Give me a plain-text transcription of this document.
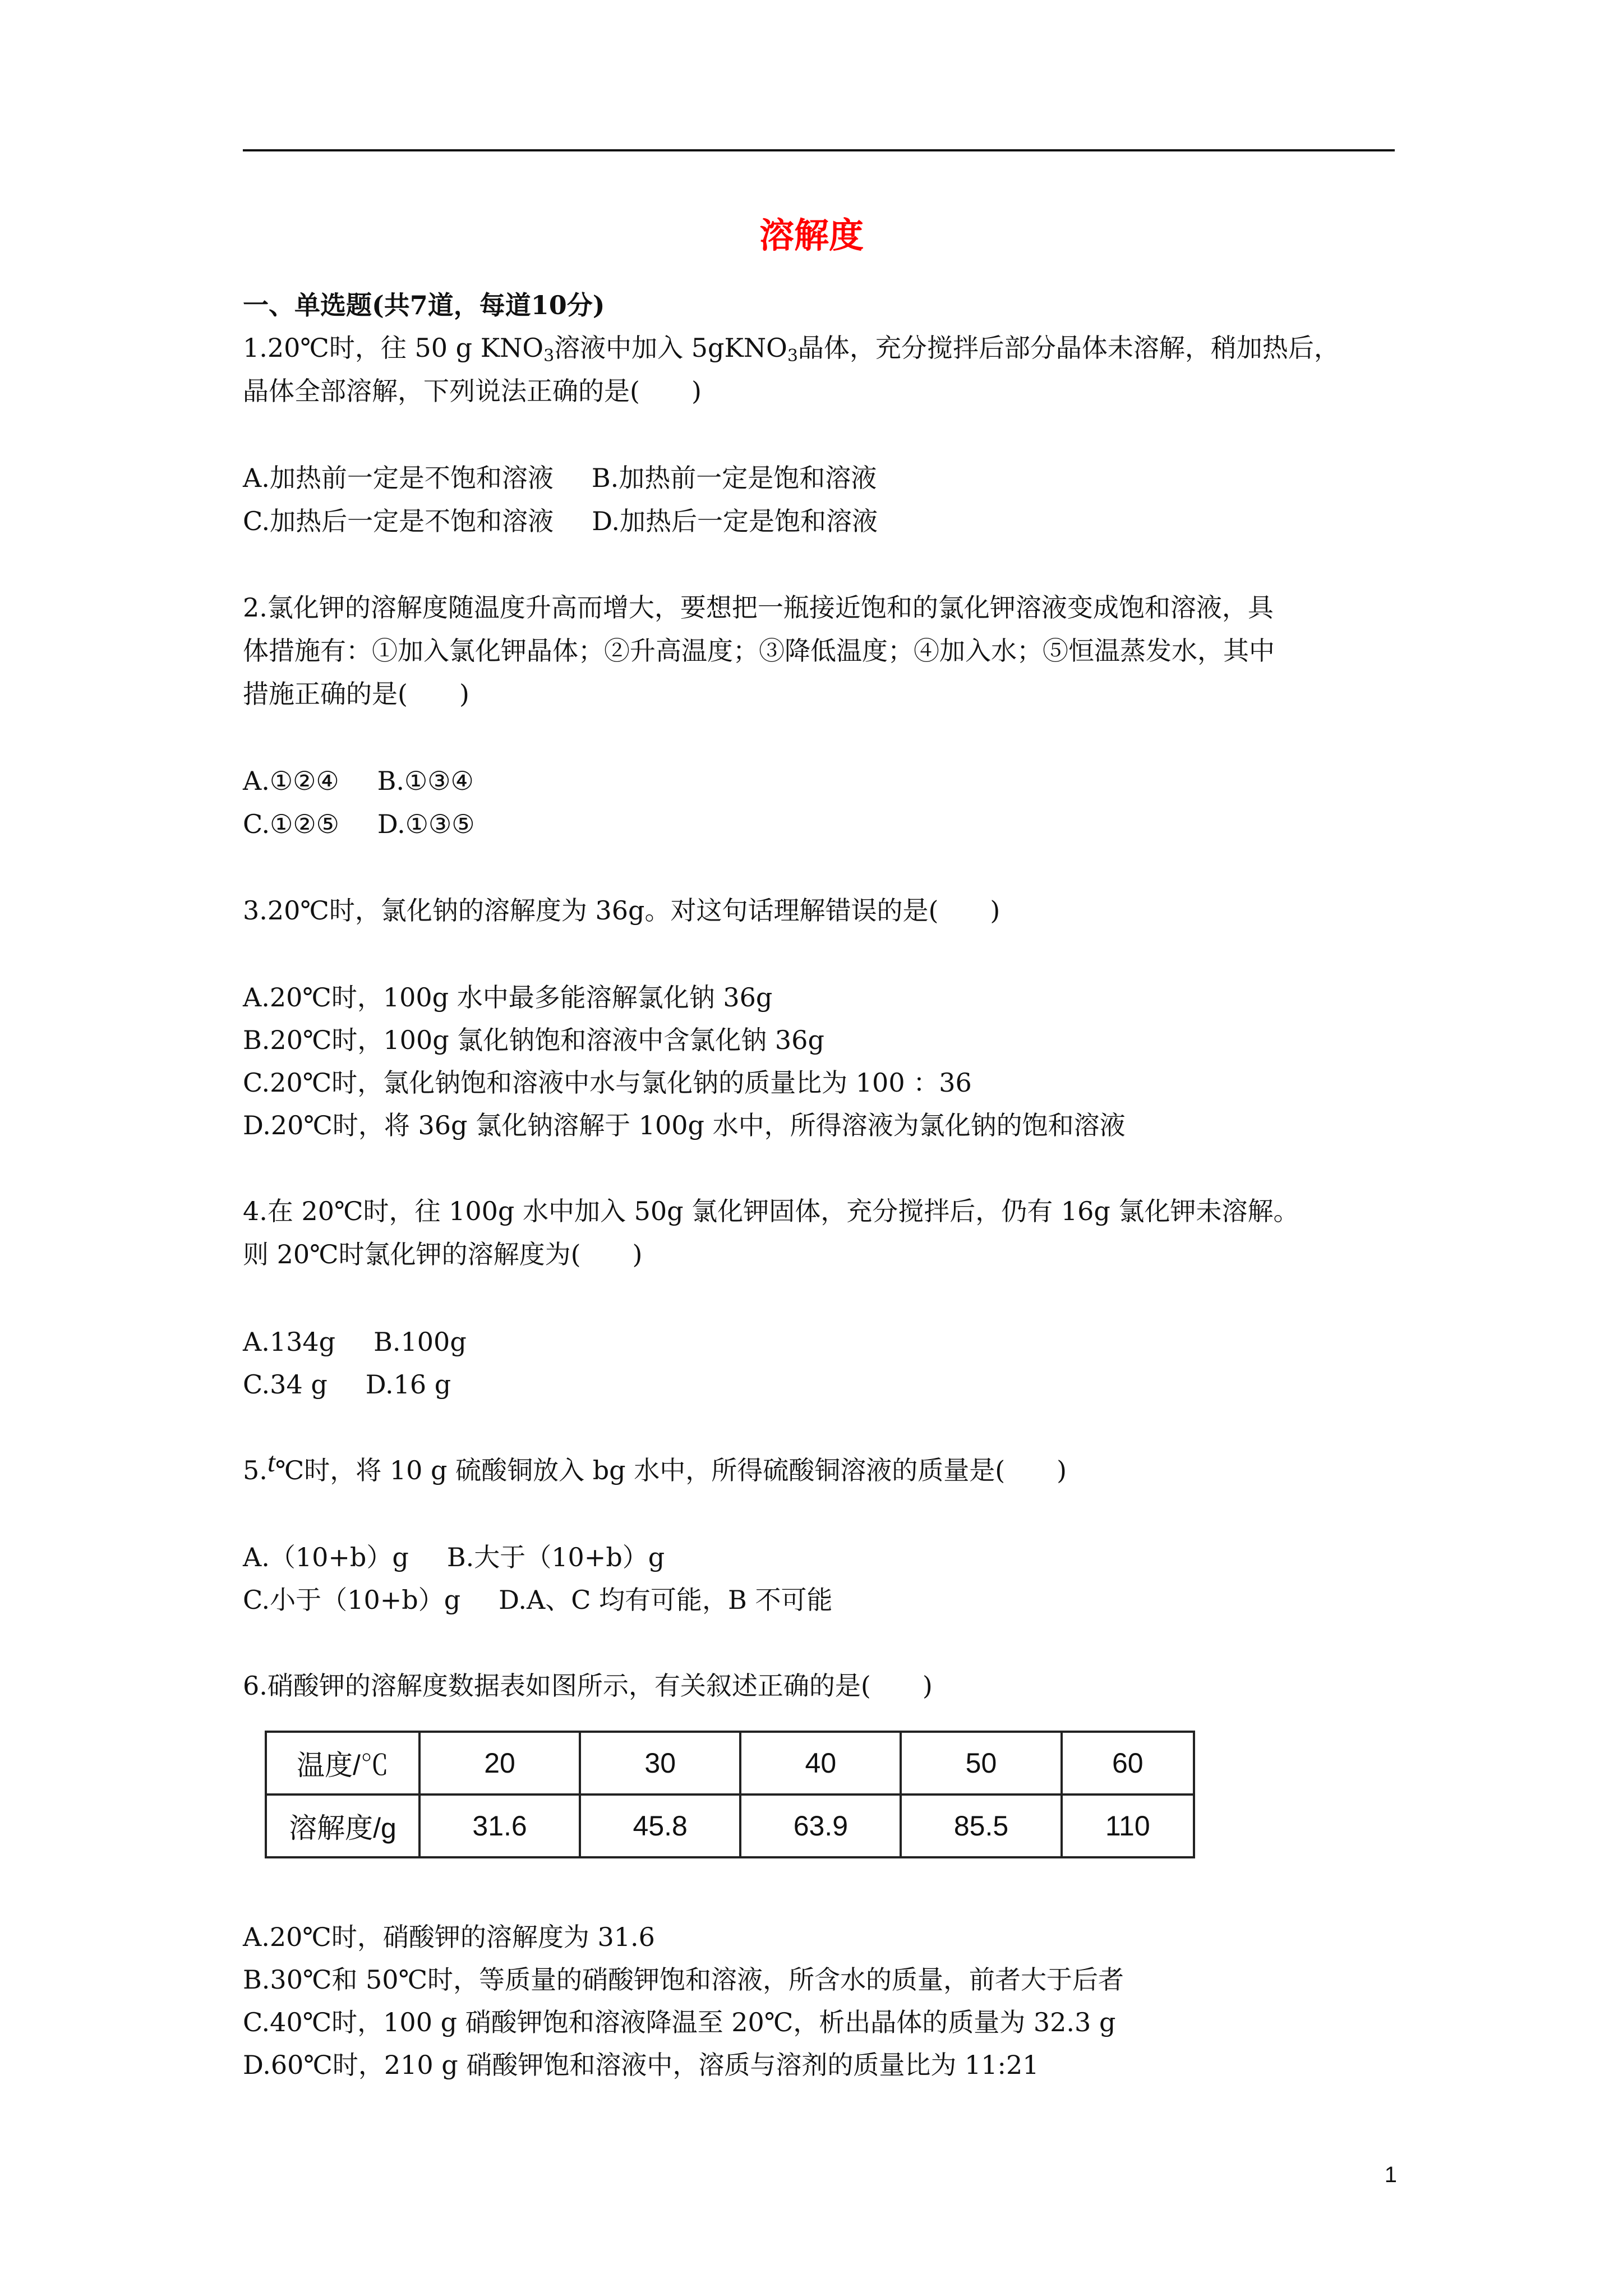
溶解度
一、单选题(共7道，每道10分)
1.20℃时，往 50 g $KNO_3$溶液中加入 5gKNO$_3$晶体，充分搅拌后部分晶体未溶解，稍加热后，
晶体全部溶解，下列说法正确的是(　　)
A.加热前一定是不饱和溶液 B.加热前一定是饱和溶液
C.加热后一定是不饱和溶液 D.加热后一定是饱和溶液
2.氯化钾的溶解度随温度升高而增大，要想把一瓶接近饱和的氯化钾溶液变成饱和溶液，具
体措施有：①加入氯化钾晶体；②升高温度；③降低温度；④加入水；⑤恒温蒸发水，其中
措施正确的是(　　)
A.①②④ B.①③④
C.①②⑤ D.①③⑤
3.20℃时，氯化钠的溶解度为 36g。对这句话理解错误的是(　　)
A.20℃时，100g 水中最多能溶解氯化钠 36g
B.20℃时，100g 氯化钠饱和溶液中含氯化钠 36g
C.20℃时，氯化钠饱和溶液中水与氯化钠的质量比为 100 ：36
D.20℃时，将 36g 氯化钠溶解于 100g 水中，所得溶液为氯化钠的饱和溶液
4.在 20℃时，往 100g 水中加入 50g 氯化钾固体，充分搅拌后，仍有 16g 氯化钾未溶解。
则 20℃时氯化钾的溶解度为(　　)
A.134g B.100g
C.34 g D.16 g
5.t℃时，将 10 g 硫酸铜放入 bg 水中，所得硫酸铜溶液的质量是(　　)
A.（10+b）g B.大于（10+b）g
C.小于（10+b）g D.A、C 均有可能，B 不可能
6.硝酸钾的溶解度数据表如图所示，有关叙述正确的是(　　)
温度/℃	20	30	40	50	60
溶解度/g	31.6	45.8	63.9	85.5	110
A.20℃时，硝酸钾的溶解度为 31.6
B.30℃和 50℃时，等质量的硝酸钾饱和溶液，所含水的质量，前者大于后者
C.40℃时，100 g 硝酸钾饱和溶液降温至 20℃，析出晶体的质量为 32.3 g
D.60℃时，210 g 硝酸钾饱和溶液中，溶质与溶剂的质量比为 11:21
1
